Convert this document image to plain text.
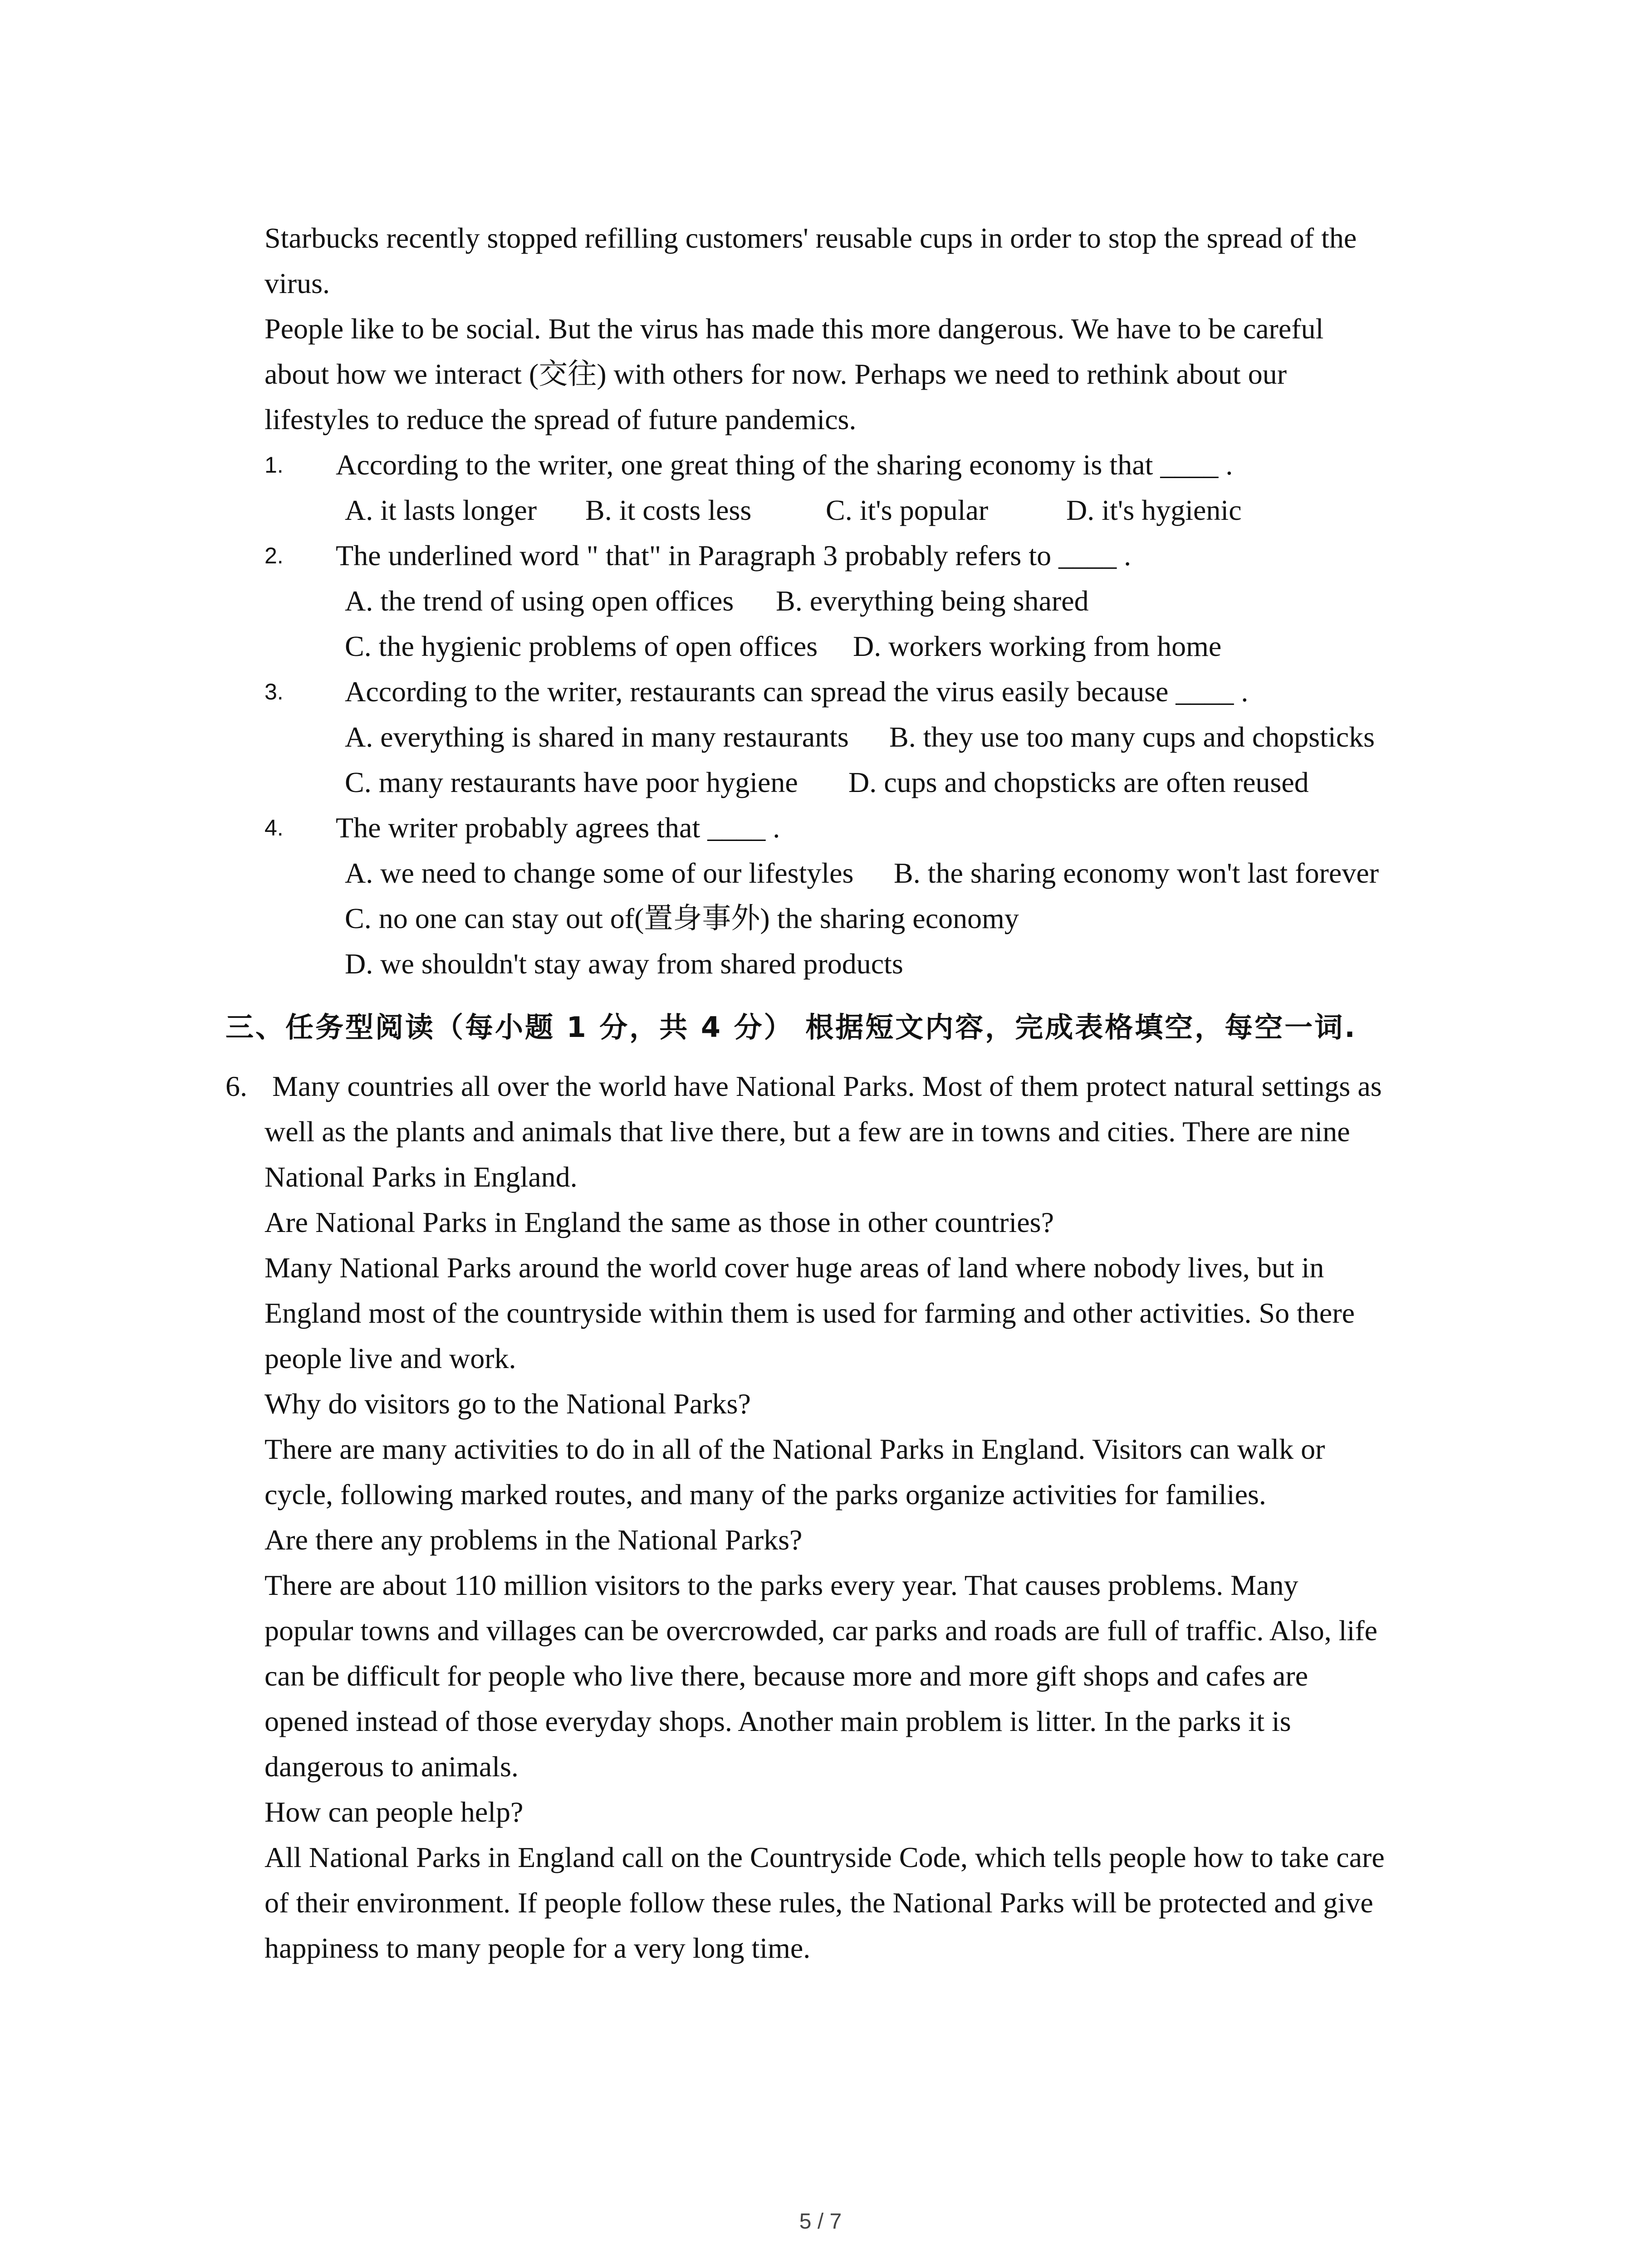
Starbucks recently stopped refilling customers' reusable cups in order to stop the spread of the
virus.
People like to be social. But the virus has made this more dangerous. We have to be careful
about how we interact (交往) with others for now. Perhaps we need to rethink about our
lifestyles to reduce the spread of future pandemics.
1. According to the writer, one great thing of the sharing economy is that ____ .
A. it lasts longer B. it costs less	C. it's popular	D. it's hygienic
2. The underlined word " that" in Paragraph 3 probably refers to ____ .
A. the trend of using open offices B. everything being shared
C. the hygienic problems of open offices D. workers working from home
3. According to the writer, restaurants can spread the virus easily because ____ .
A. everything is shared in many restaurants B. they use too many cups and chopsticks
C. many restaurants have poor hygiene D. cups and chopsticks are often reused
4. The writer probably agrees that ____ .
A. we need to change some of our lifestyles B. the sharing economy won't last forever
C. no one can stay out of(置身事外) the sharing economy
D. we shouldn't stay away from shared products
三、任务型阅读（每小题 1 分，共 4 分） 根据短文内容，完成表格填空，每空一词.
6. Many countries all over the world have National Parks. Most of them protect natural settings as
well as the plants and animals that live there, but a few are in towns and cities. There are nine
National Parks in England.
Are National Parks in England the same as those in other countries?
Many National Parks around the world cover huge areas of land where nobody lives, but in
England most of the countryside within them is used for farming and other activities. So there
people live and work.
Why do visitors go to the National Parks?
There are many activities to do in all of the National Parks in England. Visitors can walk or
cycle, following marked routes, and many of the parks organize activities for families.
Are there any problems in the National Parks?
There are about 110 million visitors to the parks every year. That causes problems. Many
popular towns and villages can be overcrowded, car parks and roads are full of traffic. Also, life
can be difficult for people who live there, because more and more gift shops and cafes are
opened instead of those everyday shops. Another main problem is litter. In the parks it is
dangerous to animals.
How can people help?
All National Parks in England call on the Countryside Code, which tells people how to take care
of their environment. If people follow these rules, the National Parks will be protected and give
happiness to many people for a very long time.
5 / 7
